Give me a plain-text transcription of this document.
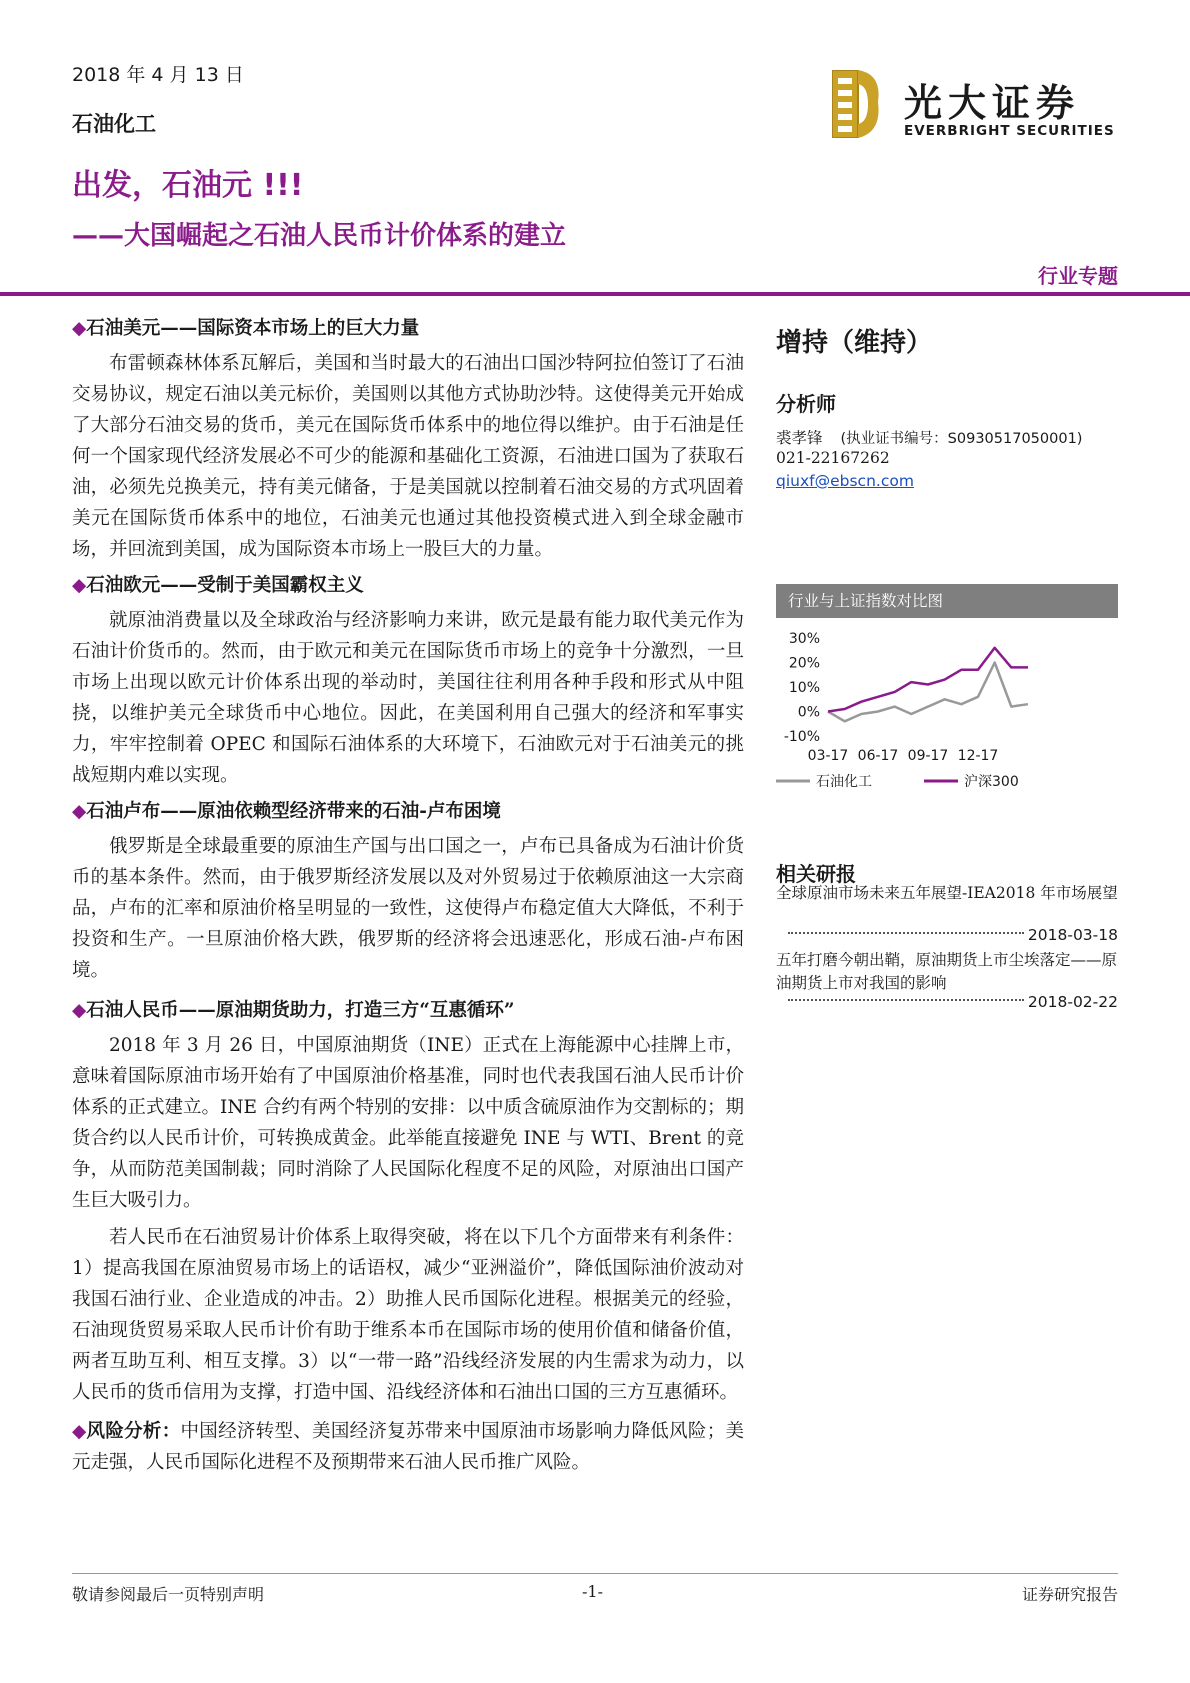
2018 年 4 月 13 日
石油化工
出发，石油元 !!!
——大国崛起之石油人民币计价体系的建立
行业专题
光大证券
EVERBRIGHT SECURITIES
◆石油美元——国际资本市场上的巨大力量

布雷顿森林体系瓦解后，美国和当时最大的石油出口国沙特阿拉伯签订了石油交易协议，规定石油以美元标价，美国则以其他方式协助沙特。这使得美元开始成了大部分石油交易的货币，美元在国际货币体系中的地位得以维护。由于石油是任何一个国家现代经济发展必不可少的能源和基础化工资源，石油进口国为了获取石油，必须先兑换美元，持有美元储备，于是美国就以控制着石油交易的方式巩固着美元在国际货币体系中的地位，石油美元也通过其他投资模式进入到全球金融市场，并回流到美国，成为国际资本市场上一股巨大的力量。

◆石油欧元——受制于美国霸权主义

就原油消费量以及全球政治与经济影响力来讲，欧元是最有能力取代美元作为石油计价货币的。然而，由于欧元和美元在国际货币市场上的竞争十分激烈，一旦市场上出现以欧元计价体系出现的举动时，美国往往利用各种手段和形式从中阻挠，以维护美元全球货币中心地位。因此，在美国利用自己强大的经济和军事实力，牢牢控制着 OPEC 和国际石油体系的大环境下，石油欧元对于石油美元的挑战短期内难以实现。

◆石油卢布——原油依赖型经济带来的石油-卢布困境

俄罗斯是全球最重要的原油生产国与出口国之一，卢布已具备成为石油计价货币的基本条件。然而，由于俄罗斯经济发展以及对外贸易过于依赖原油这一大宗商品，卢布的汇率和原油价格呈明显的一致性，这使得卢布稳定值大大降低，不利于投资和生产。一旦原油价格大跌，俄罗斯的经济将会迅速恶化，形成石油-卢布困境。

◆石油人民币——原油期货助力，打造三方“互惠循环”

2018 年 3 月 26 日，中国原油期货（INE）正式在上海能源中心挂牌上市，意味着国际原油市场开始有了中国原油价格基准，同时也代表我国石油人民币计价体系的正式建立。INE 合约有两个特别的安排：以中质含硫原油作为交割标的；期货合约以人民币计价，可转换成黄金。此举能直接避免 INE 与 WTI、Brent 的竞争，从而防范美国制裁；同时消除了人民国际化程度不足的风险，对原油出口国产生巨大吸引力。

若人民币在石油贸易计价体系上取得突破，将在以下几个方面带来有利条件：1）提高我国在原油贸易市场上的话语权，减少“亚洲溢价”，降低国际油价波动对我国石油行业、企业造成的冲击。2）助推人民币国际化进程。根据美元的经验，石油现货贸易采取人民币计价有助于维系本币在国际市场的使用价值和储备价值，两者互助互利、相互支撑。3）以“一带一路”沿线经济发展的内生需求为动力，以人民币的货币信用为支撑，打造中国、沿线经济体和石油出口国的三方互惠循环。

◆风险分析：中国经济转型、美国经济复苏带来中国原油市场影响力降低风险；美元走强，人民币国际化进程不及预期带来石油人民币推广风险。

增持（维持）
分析师
裘孝锋 (执业证书编号：S0930517050001)
021-22167262
qiuxf@ebscn.com
行业与上证指数对比图
30%
20%
10%
0%
-10%
03-17 06-17 09-17 12-17
石油化工	沪深300
相关研报
全球原油市场未来五年展望-IEA2018 年市场展望
2018-03-18
五年打磨今朝出鞘，原油期货上市尘埃落定——原油期货上市对我国的影响
2018-02-22
敬请参阅最后一页特别声明	-1-	证券研究报告
